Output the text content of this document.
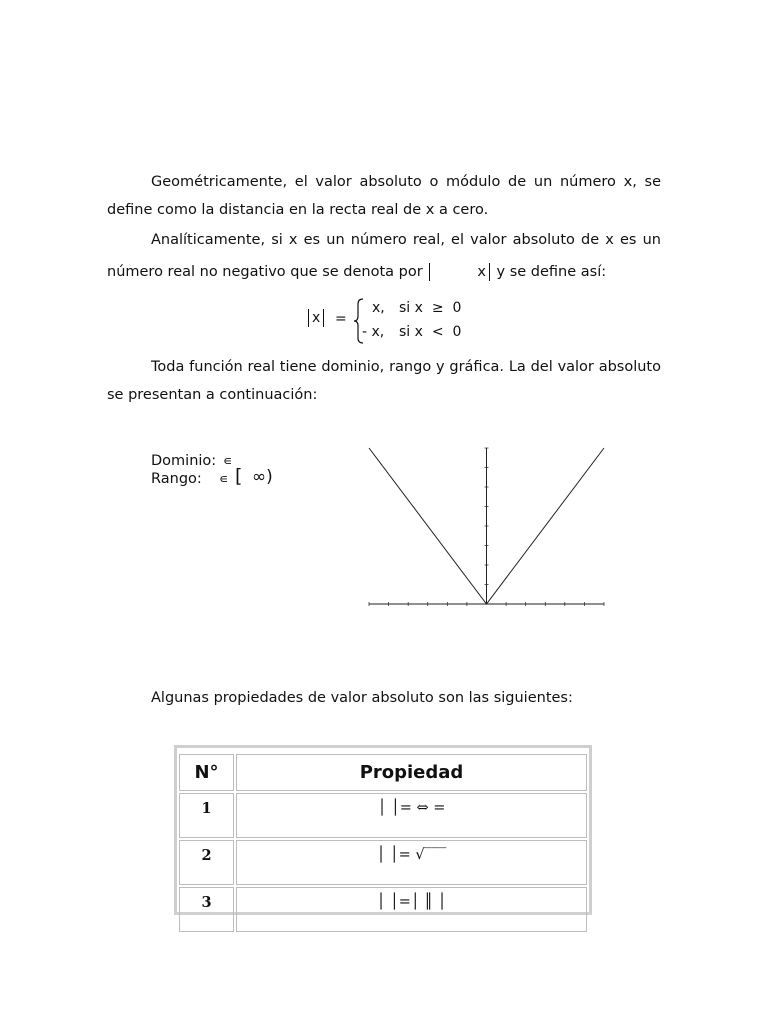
Geométricamente, el valor absoluto o módulo de un número x, se define como la distancia en la recta real de x a cero.

Analíticamente, si x es un número real, el valor absoluto de x es un número real no negativo que se denota por	x y se define así:

x =
x, si x  ≥  0
- x, si x  <  0

Toda función real tiene dominio, rango y gráfica. La del valor absoluto se presentan a continuación:

Dominio: ∊
Rango: ∊ [ ∞)

Algunas propiedades de valor absoluto son las siguientes:

N°	Propiedad
1	│ │= ⇔ =
2	│ │= √‾‾‾
3	│ │=│ ║ │
